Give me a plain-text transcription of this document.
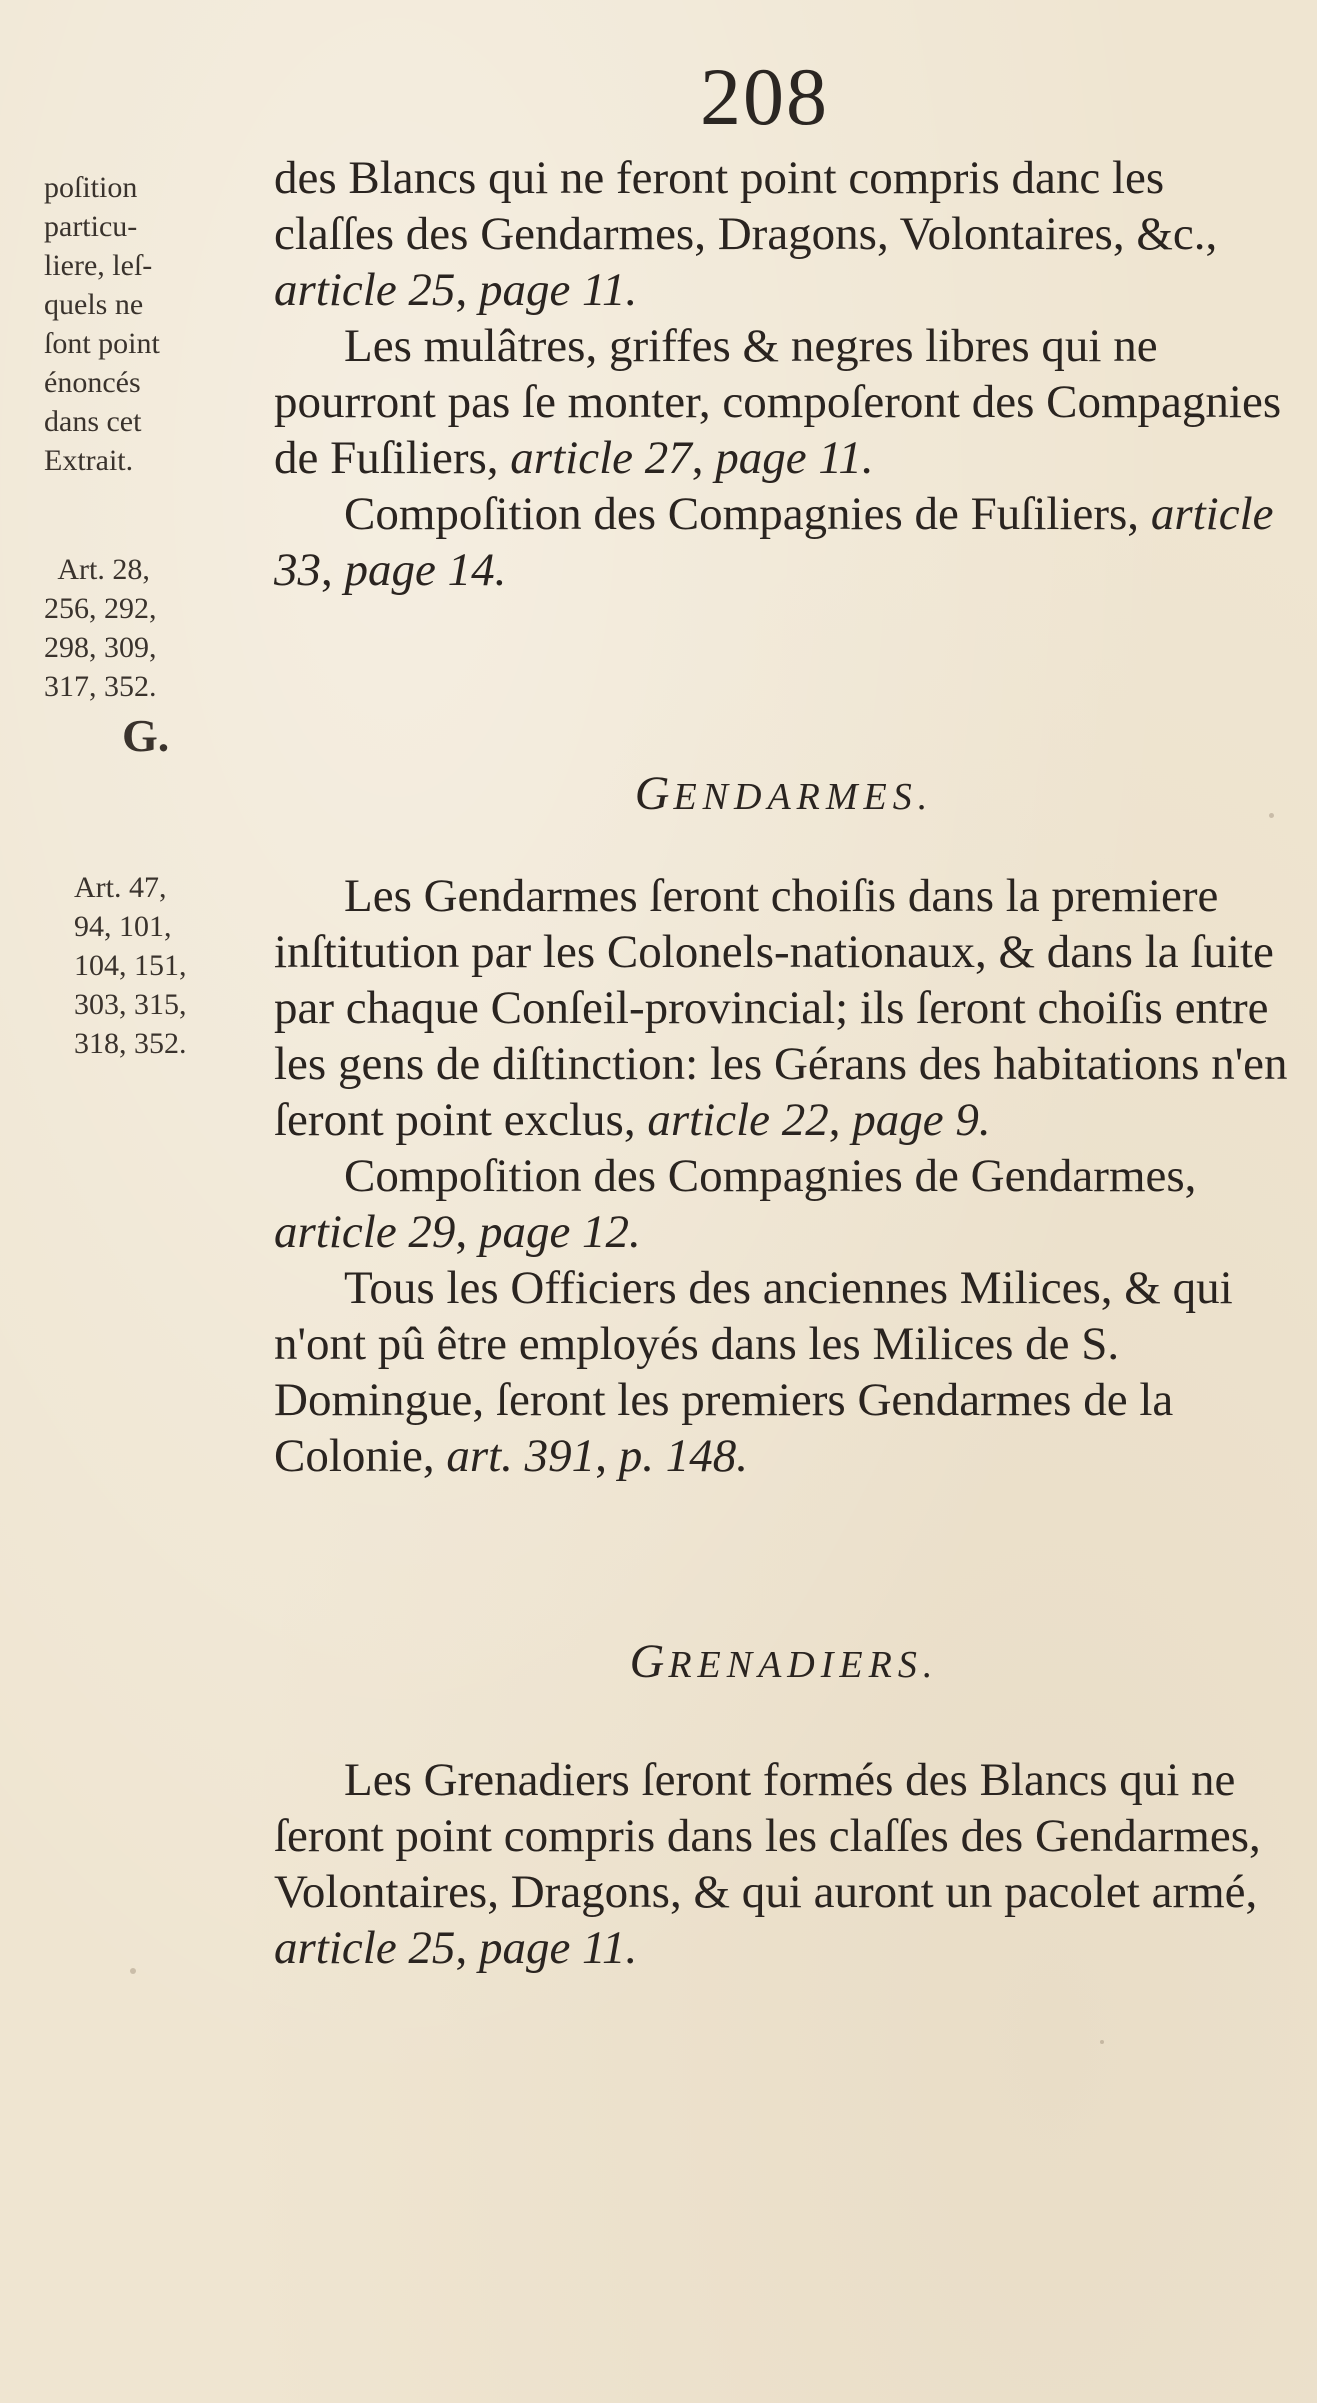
208
poſition
particu-
liere, leſ-
quels ne
ſont point
énoncés
dans cet
Extrait.
Art. 28,
256, 292,
298, 309,
317, 352.
G.
Art. 47,
94, 101,
104, 151,
303, 315,
318, 352.

des Blancs qui ne feront point compris danc les claſſes des Gendarmes, Dragons, Volontaires, &c., article 25, page 11.

Les mulâtres, griffes & negres libres qui ne pourront pas ſe monter, compoſeront des Compagnies de Fuſiliers, article 27, page 11.

Compoſition des Compagnies de Fuſiliers, article 33, page 14.

GENDARMES.

Les Gendarmes ſeront choiſis dans la premiere inſtitution par les Colonels-nationaux, & dans la ſuite par chaque Conſeil-provincial; ils ſeront choiſis entre les gens de diſtinction: les Gérans des habitations n'en ſeront point exclus, article 22, page 9.

Compoſition des Compagnies de Gendarmes, article 29, page 12.

Tous les Officiers des anciennes Milices, & qui n'ont pû être employés dans les Milices de S. Domingue, ſeront les premiers Gendarmes de la Colonie, art. 391, p. 148.

GRENADIERS.

Les Grenadiers ſeront formés des Blancs qui ne ſeront point compris dans les claſſes des Gendarmes, Volontaires, Dragons, & qui auront un pacolet armé, article 25, page 11.
